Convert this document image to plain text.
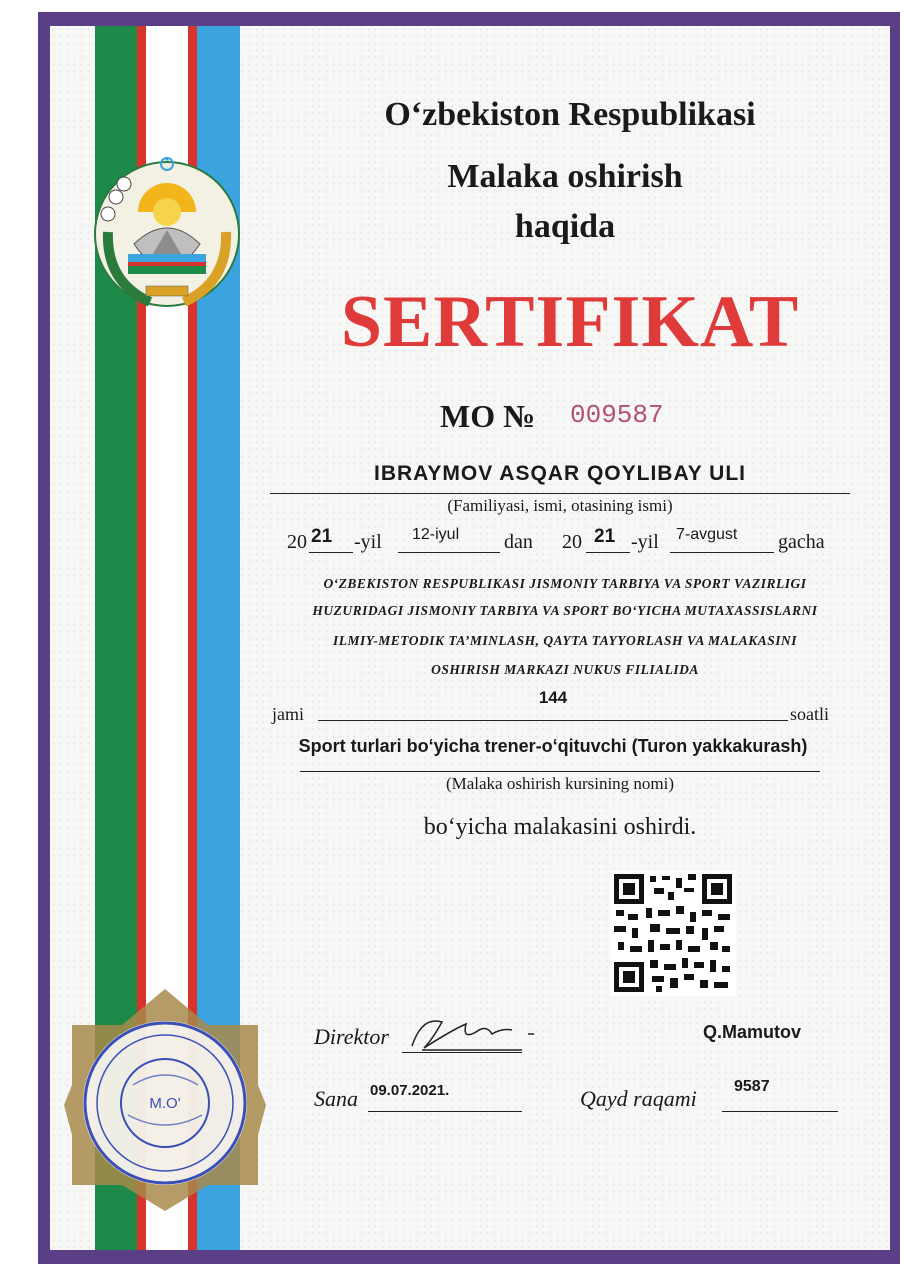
O‘zbekiston Respublikasi
Malaka oshirish
haqida
SERTIFIKAT
MO № 009587
IBRAYMOV ASQAR QOYLIBAY ULI
(Familiyasi, ismi, otasining ismi)
20 21 -yil 12-iyul dan 20 21 -yil 7-avgust gacha
O‘ZBEKISTON RESPUBLIKASI JISMONIY TARBIYA VA SPORT VAZIRLIGI
HUZURIDAGI JISMONIY TARBIYA VA SPORT BO‘YICHA MUTAXASSISLARNI
ILMIY-METODIK TA’MINLASH, QAYTA TAYYORLASH VA MALAKASINI
OSHIRISH MARKAZI NUKUS FILIALIDA
jami
144
soatli
Sport turlari bo‘yicha trener-o‘qituvchi (Turon yakkakurash)
(Malaka oshirish kursining nomi)
bo‘yicha malakasini oshirdi.
Direktor	Q.Mamutov
Sana 09.07.2021.	Qayd raqami 9587
M.O'
